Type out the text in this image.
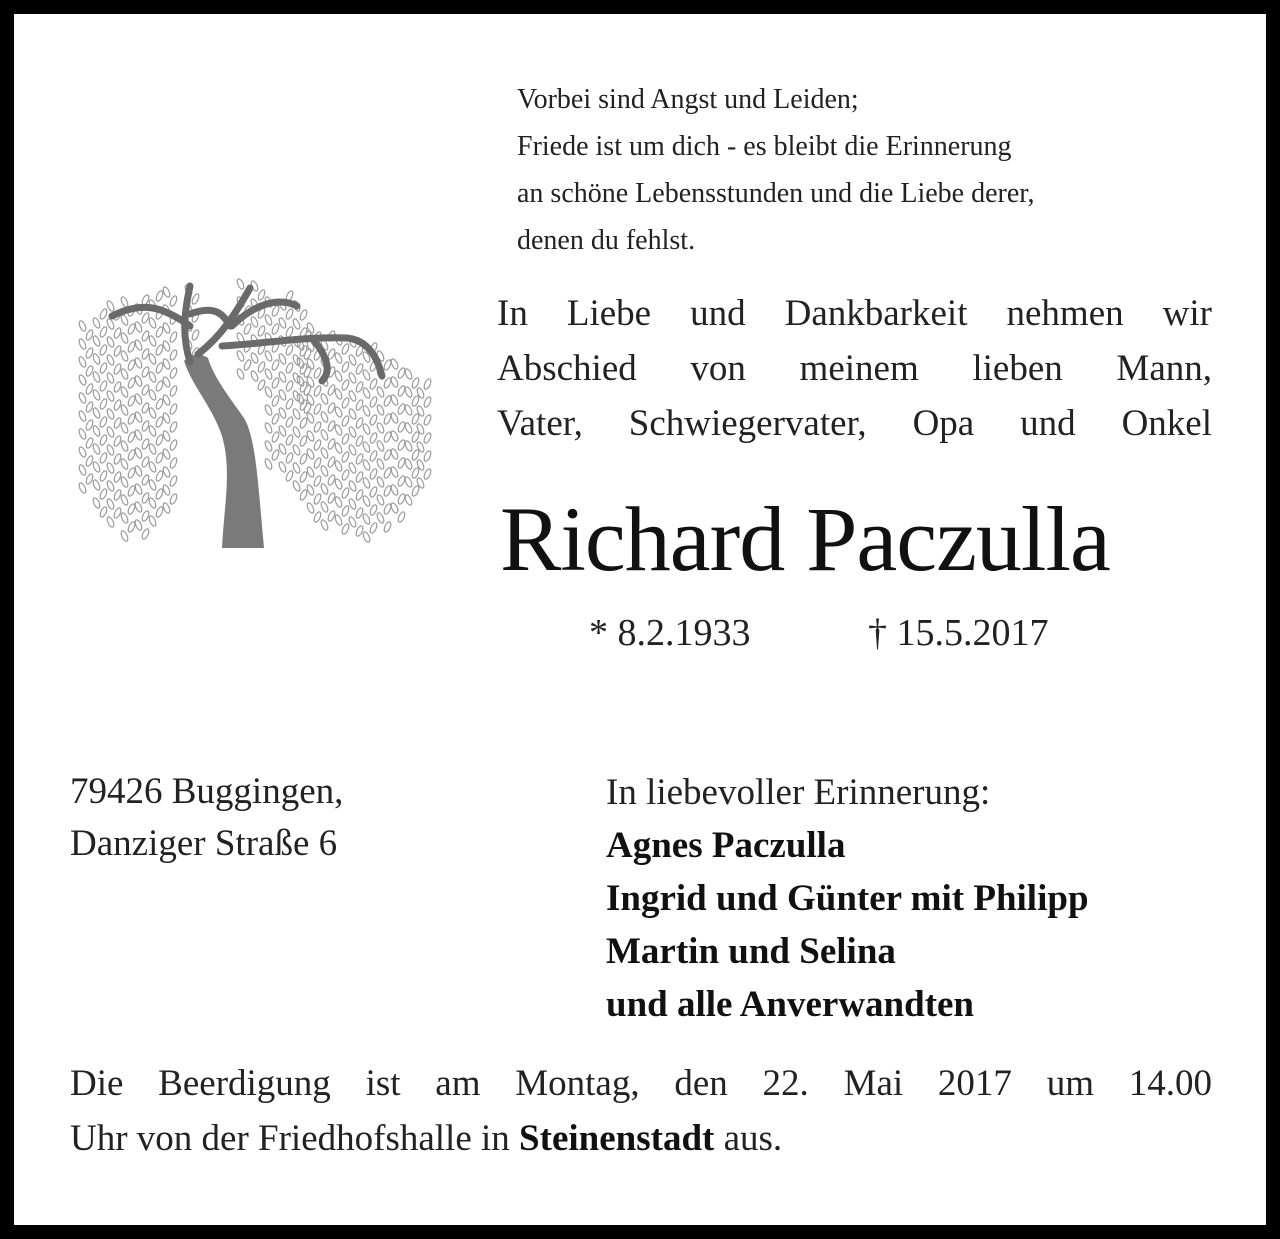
Vorbei sind Angst und Leiden;
Friede ist um dich - es bleibt die Erinnerung
an schöne Lebensstunden und die Liebe derer,
denen du fehlst.
In Liebe und Dankbarkeit nehmen wir
Abschied von meinem lieben Mann,
Vater, Schwiegervater, Opa und Onkel
Richard Paczulla
* 8.2.1933	† 15.5.2017
79426 Buggingen,
Danziger Straße 6
In liebevoller Erinnerung:
Agnes Paczulla
Ingrid und Günter mit Philipp
Martin und Selina
und alle Anverwandten
Die Beerdigung ist am Montag, den 22. Mai 2017 um 14.00
Uhr von der Friedhofshalle in Steinenstadt aus.
